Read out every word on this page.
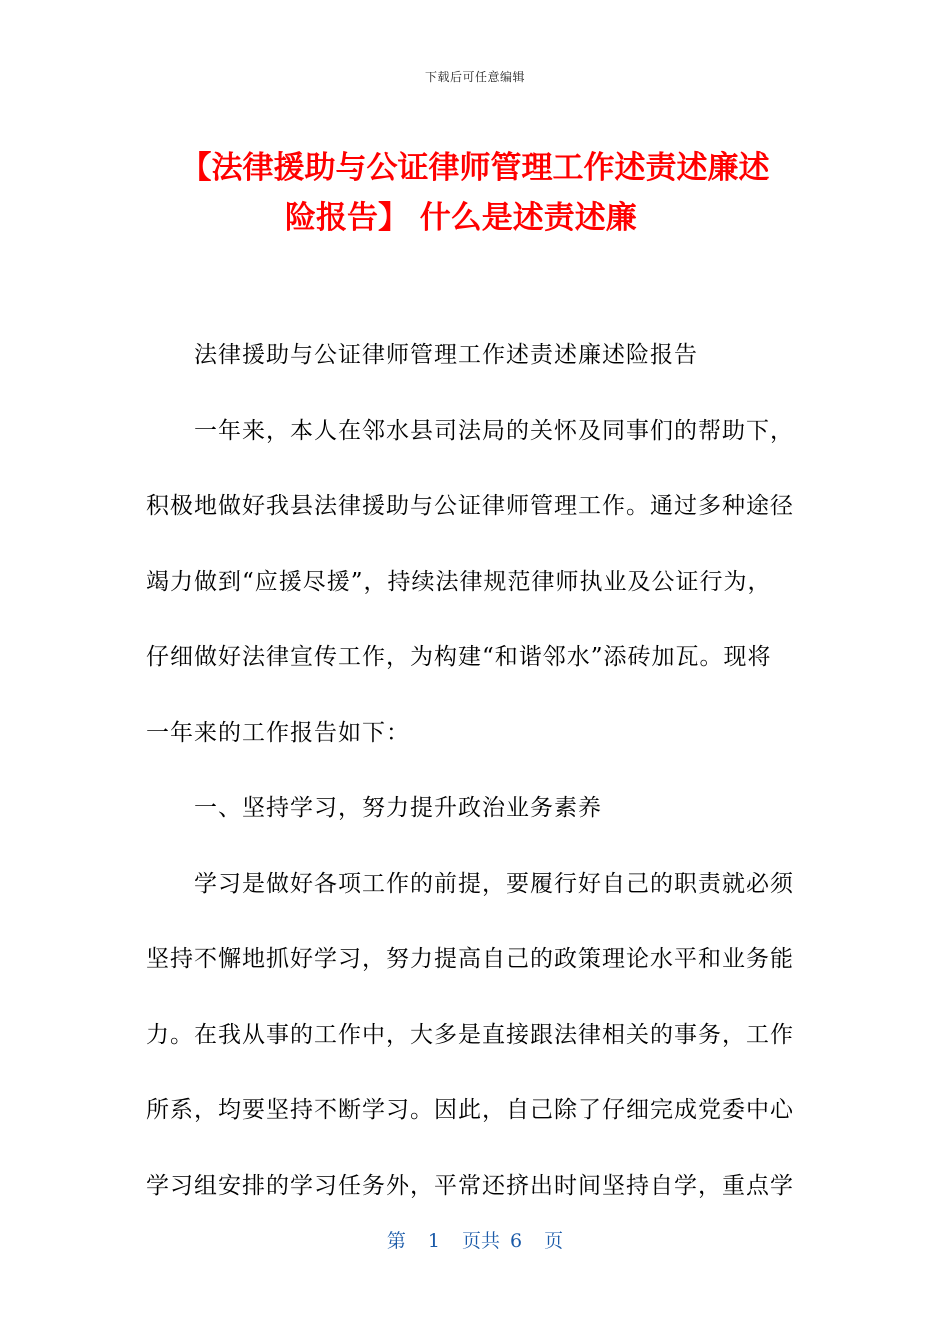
下载后可任意编辑
【法律援助与公证律师管理工作述责述廉述
险报告】 什么是述责述廉
法律援助与公证律师管理工作述责述廉述险报告
一年来，本人在邻水县司法局的关怀及同事们的帮助下，
积极地做好我县法律援助与公证律师管理工作。通过多种途径
竭力做到“应援尽援”，持续法律规范律师执业及公证行为，
仔细做好法律宣传工作，为构建“和谐邻水”添砖加瓦。现将
一年来的工作报告如下：
一、坚持学习，努力提升政治业务素养
学习是做好各项工作的前提，要履行好自己的职责就必须
坚持不懈地抓好学习，努力提高自己的政策理论水平和业务能
力。在我从事的工作中，大多是直接跟法律相关的事务，工作
所系，均要坚持不断学习。因此，自己除了仔细完成党委中心
学习组安排的学习任务外，平常还挤出时间坚持自学，重点学
第 1 页共 6 页
